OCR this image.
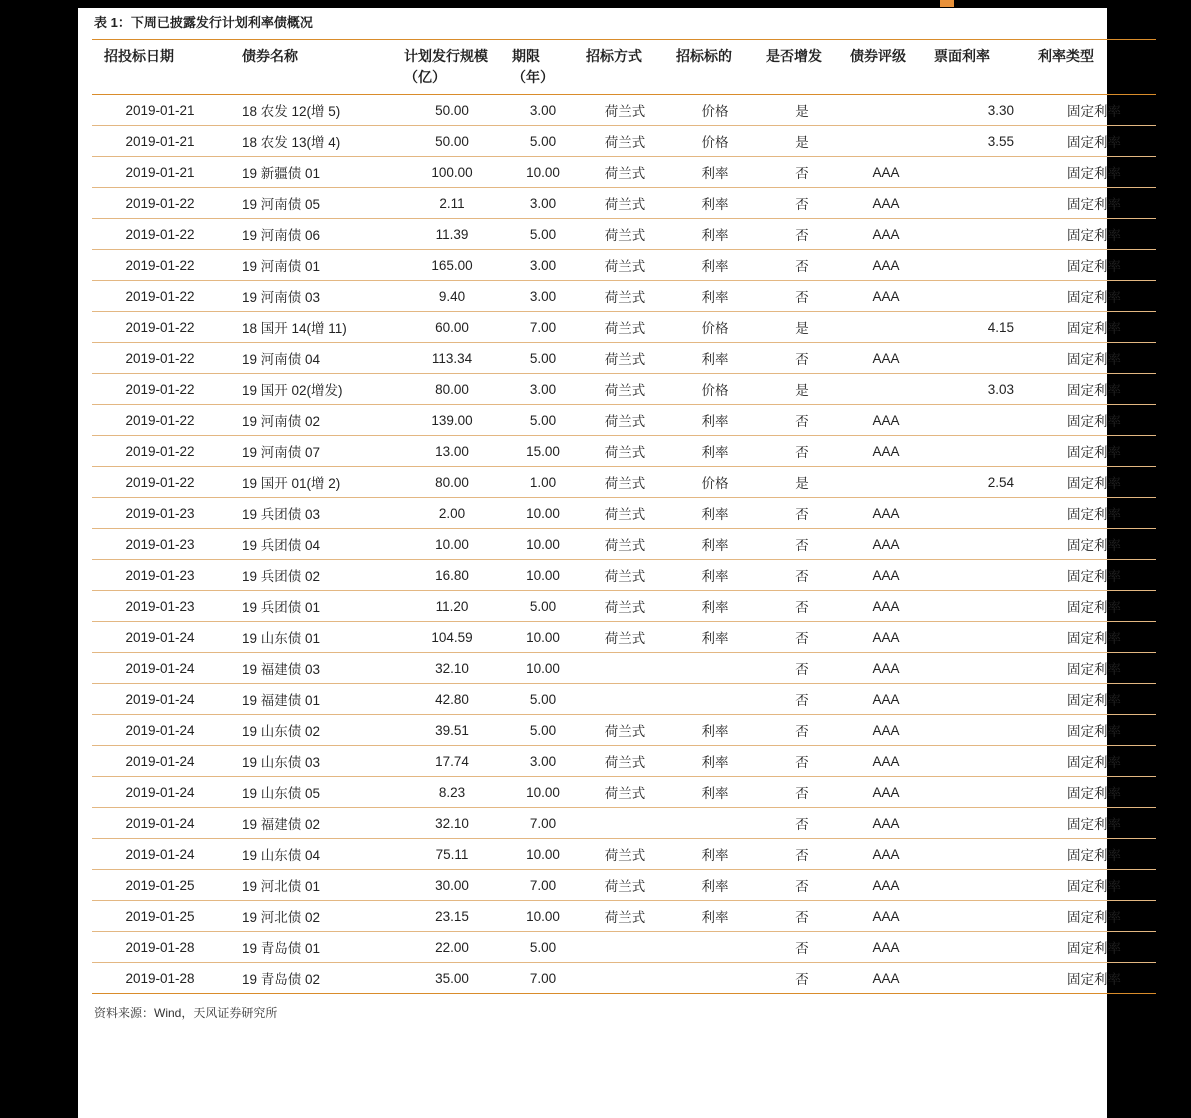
表 1：下周已披露发行计划利率债概况
招投标日期	债券名称	计划发行规模（亿）	期限（年）	招标方式	招标标的	是否增发	债券评级	票面利率	利率类型
2019-01-21	18 农发 12(增 5)	50.00	3.00	荷兰式	价格	是		3.30	固定利率
2019-01-21	18 农发 13(增 4)	50.00	5.00	荷兰式	价格	是		3.55	固定利率
2019-01-21	19 新疆债 01	100.00	10.00	荷兰式	利率	否	AAA		固定利率
2019-01-22	19 河南债 05	2.11	3.00	荷兰式	利率	否	AAA		固定利率
2019-01-22	19 河南债 06	11.39	5.00	荷兰式	利率	否	AAA		固定利率
2019-01-22	19 河南债 01	165.00	3.00	荷兰式	利率	否	AAA		固定利率
2019-01-22	19 河南债 03	9.40	3.00	荷兰式	利率	否	AAA		固定利率
2019-01-22	18 国开 14(增 11)	60.00	7.00	荷兰式	价格	是		4.15	固定利率
2019-01-22	19 河南债 04	113.34	5.00	荷兰式	利率	否	AAA		固定利率
2019-01-22	19 国开 02(增发)	80.00	3.00	荷兰式	价格	是		3.03	固定利率
2019-01-22	19 河南债 02	139.00	5.00	荷兰式	利率	否	AAA		固定利率
2019-01-22	19 河南债 07	13.00	15.00	荷兰式	利率	否	AAA		固定利率
2019-01-22	19 国开 01(增 2)	80.00	1.00	荷兰式	价格	是		2.54	固定利率
2019-01-23	19 兵团债 03	2.00	10.00	荷兰式	利率	否	AAA		固定利率
2019-01-23	19 兵团债 04	10.00	10.00	荷兰式	利率	否	AAA		固定利率
2019-01-23	19 兵团债 02	16.80	10.00	荷兰式	利率	否	AAA		固定利率
2019-01-23	19 兵团债 01	11.20	5.00	荷兰式	利率	否	AAA		固定利率
2019-01-24	19 山东债 01	104.59	10.00	荷兰式	利率	否	AAA		固定利率
2019-01-24	19 福建债 03	32.10	10.00			否	AAA		固定利率
2019-01-24	19 福建债 01	42.80	5.00			否	AAA		固定利率
2019-01-24	19 山东债 02	39.51	5.00	荷兰式	利率	否	AAA		固定利率
2019-01-24	19 山东债 03	17.74	3.00	荷兰式	利率	否	AAA		固定利率
2019-01-24	19 山东债 05	8.23	10.00	荷兰式	利率	否	AAA		固定利率
2019-01-24	19 福建债 02	32.10	7.00			否	AAA		固定利率
2019-01-24	19 山东债 04	75.11	10.00	荷兰式	利率	否	AAA		固定利率
2019-01-25	19 河北债 01	30.00	7.00	荷兰式	利率	否	AAA		固定利率
2019-01-25	19 河北债 02	23.15	10.00	荷兰式	利率	否	AAA		固定利率
2019-01-28	19 青岛债 01	22.00	5.00			否	AAA		固定利率
2019-01-28	19 青岛债 02	35.00	7.00			否	AAA		固定利率
资料来源：Wind，天风证券研究所
